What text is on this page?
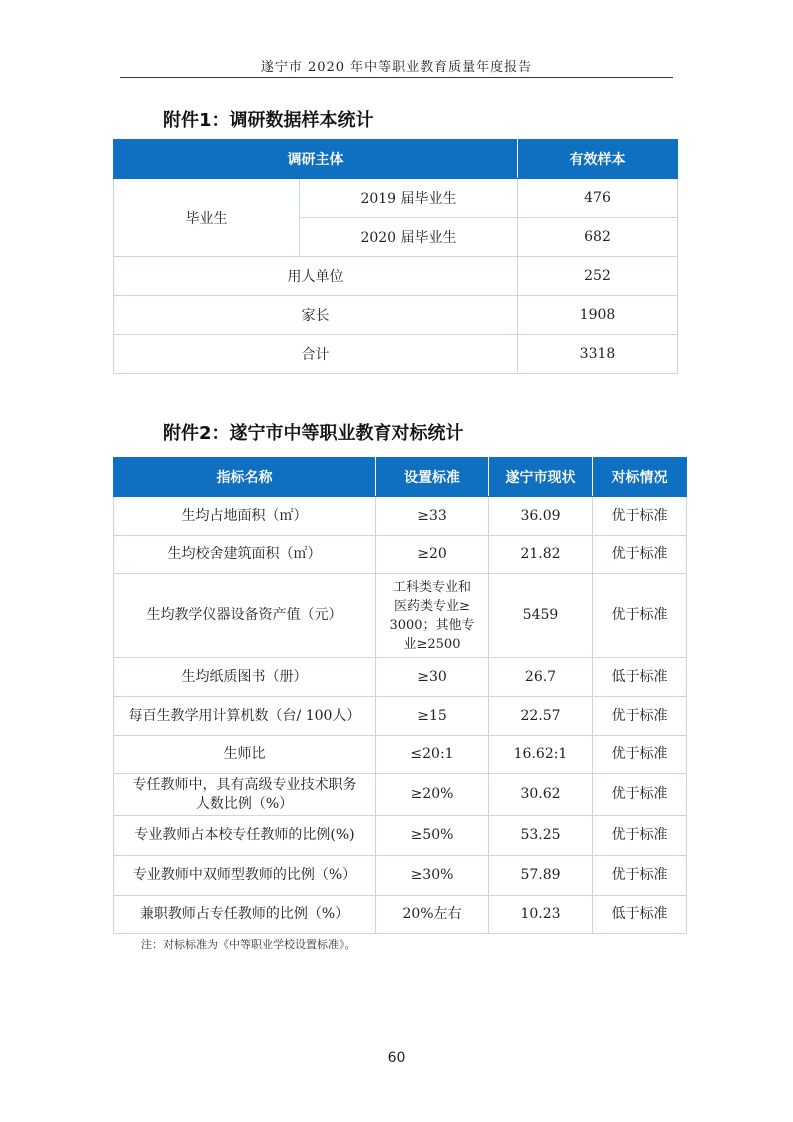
遂宁市 2020 年中等职业教育质量年度报告
附件1：调研数据样本统计
调研主体		有效样本
毕业生	2019 届毕业生	476
	2020 届毕业生	682
用人单位		252
家长		1908
合计		3318
附件2：遂宁市中等职业教育对标统计
指标名称	设置标准	遂宁市现状	对标情况
生均占地面积（㎡）	≥33	36.09	优于标准
生均校舍建筑面积（㎡）	≥20	21.82	优于标准
生均教学仪器设备资产值（元）	工科类专业和
医药类专业≥
3000；其他专
业≥2500	5459	优于标准
生均纸质图书（册）	≥30	26.7	低于标准
每百生教学用计算机数（台/ 100人）	≥15	22.57	优于标准
生师比	≤20:1	16.62:1	优于标准
专任教师中，具有高级专业技术职务
人数比例（%）	≥20%	30.62	优于标准
专业教师占本校专任教师的比例(%)	≥50%	53.25	优于标准
专业教师中双师型教师的比例（%）	≥30%	57.89	优于标准
兼职教师占专任教师的比例（%）	20%左右	10.23	低于标准
注：对标标准为《中等职业学校设置标准》。
60
